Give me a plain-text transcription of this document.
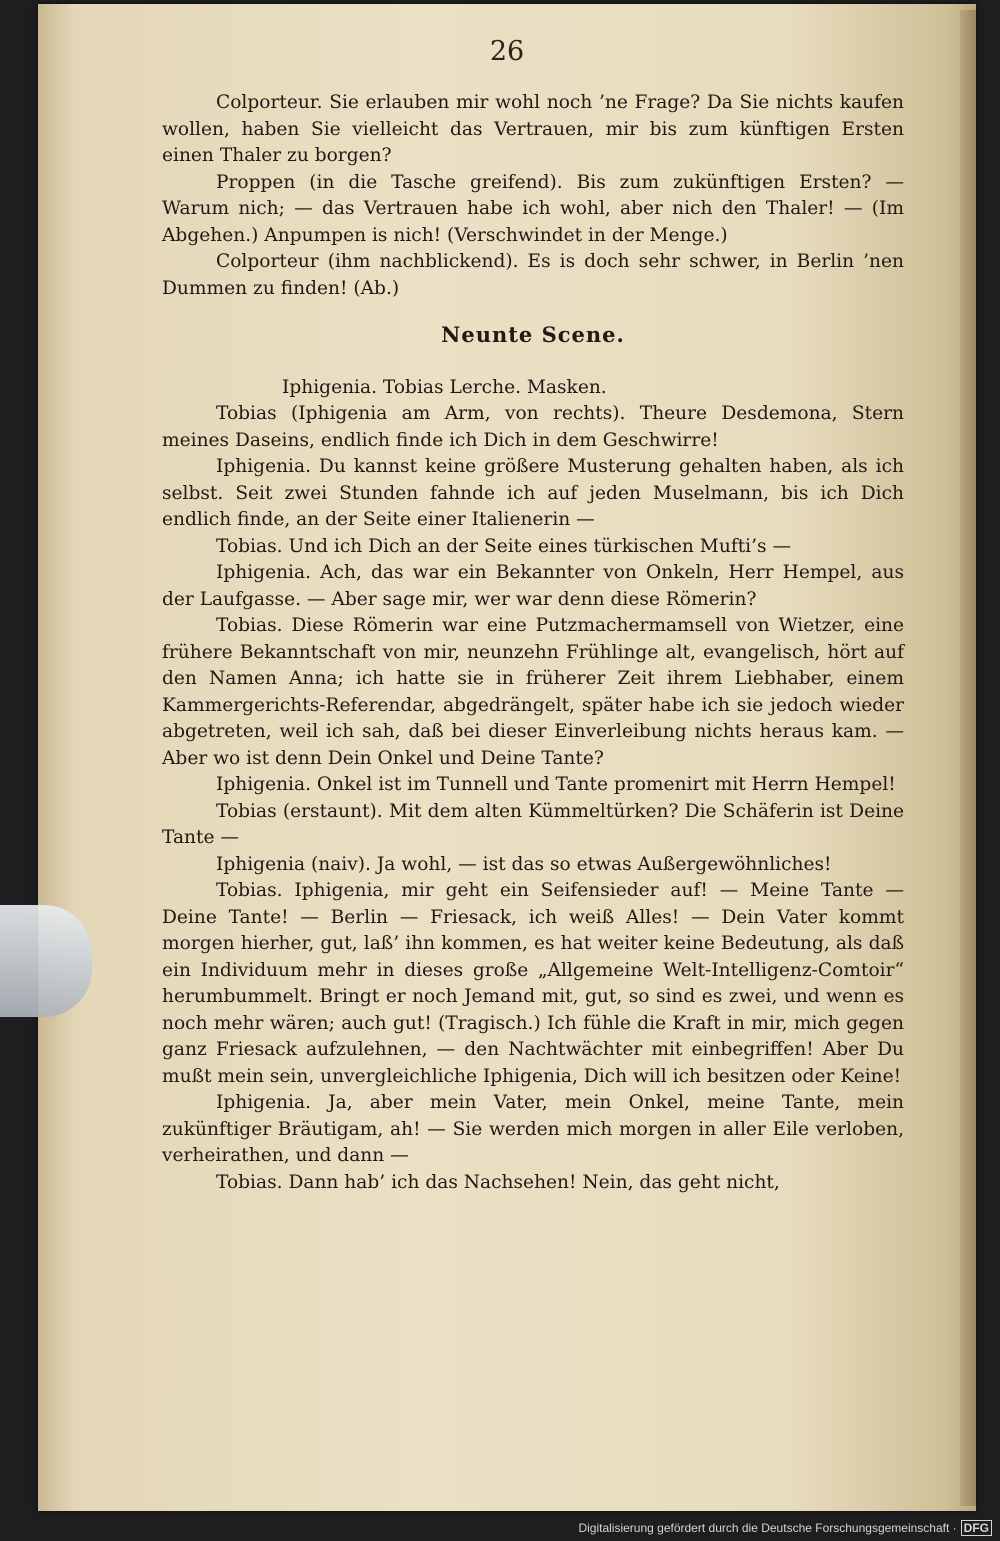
26

Colporteur. Sie erlauben mir wohl noch ’ne Frage? Da Sie nichts kaufen wollen, haben Sie vielleicht das Vertrauen, mir bis zum künftigen Ersten einen Thaler zu borgen?

Proppen (in die Tasche greifend). Bis zum zukünftigen Ersten? — Warum nich; — das Vertrauen habe ich wohl, aber nich den Thaler! — (Im Abgehen.) Anpumpen is nich! (Verschwindet in der Menge.)

Colporteur (ihm nachblickend). Es is doch sehr schwer, in Berlin ’nen Dummen zu finden! (Ab.)

Neunte Scene.

Iphigenia. Tobias Lerche. Masken.

Tobias (Iphigenia am Arm, von rechts). Theure Desdemona, Stern meines Daseins, endlich finde ich Dich in dem Geschwirre!

Iphigenia. Du kannst keine größere Musterung gehalten haben, als ich selbst. Seit zwei Stunden fahnde ich auf jeden Muselmann, bis ich Dich endlich finde, an der Seite einer Italienerin —

Tobias. Und ich Dich an der Seite eines türkischen Mufti’s —

Iphigenia. Ach, das war ein Bekannter von Onkeln, Herr Hempel, aus der Laufgasse. — Aber sage mir, wer war denn diese Römerin?

Tobias. Diese Römerin war eine Putzmachermamsell von Wietzer, eine frühere Bekanntschaft von mir, neunzehn Frühlinge alt, evangelisch, hört auf den Namen Anna; ich hatte sie in früherer Zeit ihrem Liebhaber, einem Kammergerichts-Referendar, abgedrängelt, später habe ich sie jedoch wieder abgetreten, weil ich sah, daß bei dieser Einverleibung nichts heraus kam. — Aber wo ist denn Dein Onkel und Deine Tante?

Iphigenia. Onkel ist im Tunnell und Tante promenirt mit Herrn Hempel!

Tobias (erstaunt). Mit dem alten Kümmeltürken? Die Schäferin ist Deine Tante —

Iphigenia (naiv). Ja wohl, — ist das so etwas Außergewöhnliches!

Tobias. Iphigenia, mir geht ein Seifensieder auf! — Meine Tante — Deine Tante! — Berlin — Friesack, ich weiß Alles! — Dein Vater kommt morgen hierher, gut, laß’ ihn kommen, es hat weiter keine Bedeutung, als daß ein Individuum mehr in dieses große „Allgemeine Welt-Intelligenz-Comtoir“ herumbummelt. Bringt er noch Jemand mit, gut, so sind es zwei, und wenn es noch mehr wären; auch gut! (Tragisch.) Ich fühle die Kraft in mir, mich gegen ganz Friesack aufzulehnen, — den Nachtwächter mit einbegriffen! Aber Du mußt mein sein, unvergleichliche Iphigenia, Dich will ich besitzen oder Keine!

Iphigenia. Ja, aber mein Vater, mein Onkel, meine Tante, mein zukünftiger Bräutigam, ah! — Sie werden mich morgen in aller Eile verloben, verheirathen, und dann —

Tobias. Dann hab’ ich das Nachsehen! Nein, das geht nicht,

Digitalisierung gefördert durch die Deutsche Forschungsgemeinschaft · DFG
